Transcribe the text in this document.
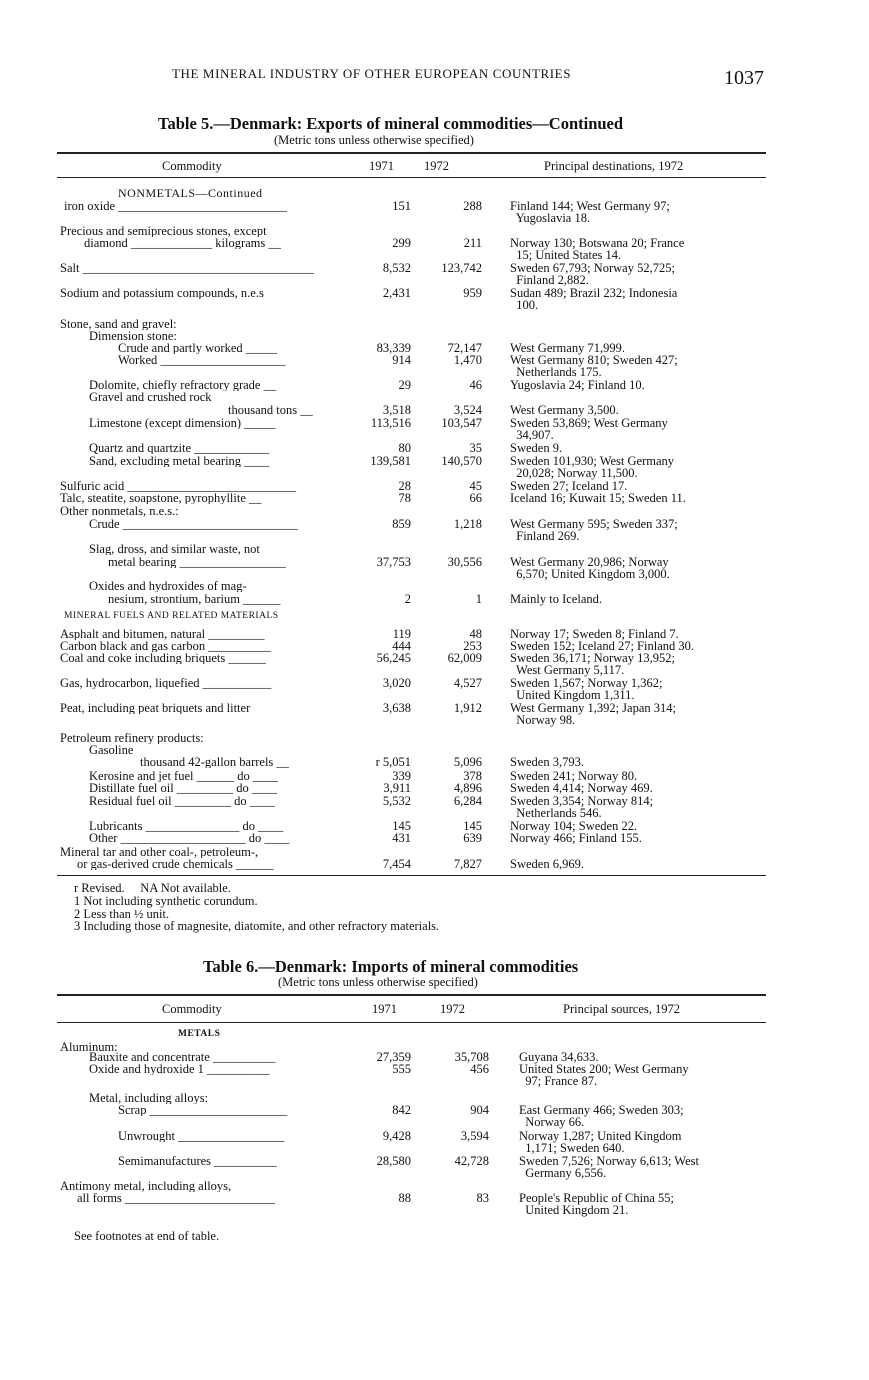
THE MINERAL INDUSTRY OF OTHER EUROPEAN COUNTRIES	1037
Table 5.—Denmark: Exports of mineral commodities—Continued
(Metric tons unless otherwise specified)
Commodity	1971 1972	Principal destinations, 1972
NONMETALS—Continued
MINERAL FUELS AND RELATED MATERIALS
iron oxide ___________________________	151	288 Finland 144; West Germany 97;
Yugoslavia 18.
Precious and semiprecious stones, except
diamond _____________ kilograms __	299	211 Norway 130; Botswana 20; France
15; United States 14.
Salt _____________________________________	8,532	123,742 Sweden 67,793; Norway 52,725;
Finland 2,882.
Sodium and potassium compounds, n.e.s	2,431	959 Sudan 489; Brazil 232; Indonesia
100.
Stone, sand and gravel:
Dimension stone:
Crude and partly worked _____	83,339	72,147 West Germany 71,999.
Worked ____________________	914	1,470 West Germany 810; Sweden 427;
Netherlands 175.
Dolomite, chiefly refractory grade __	29	46 Yugoslavia 24; Finland 10.
Gravel and crushed rock
thousand tons __	3,518	3,524 West Germany 3,500.
Limestone (except dimension) _____	113,516	103,547 Sweden 53,869; West Germany
34,907.
Quartz and quartzite ____________	80	35 Sweden 9.
Sand, excluding metal bearing ____	139,581	140,570 Sweden 101,930; West Germany
20,028; Norway 11,500.
Sulfuric acid ___________________________	28	45 Sweden 27; Iceland 17.
Talc, steatite, soapstone, pyrophyllite __	78	66 Iceland 16; Kuwait 15; Sweden 11.
Other nonmetals, n.e.s.:
Crude ____________________________	859	1,218 West Germany 595; Sweden 337;
Finland 269.
Slag, dross, and similar waste, not
metal bearing _________________	37,753	30,556 West Germany 20,986; Norway
6,570; United Kingdom 3,000.
Oxides and hydroxides of mag-
nesium, strontium, barium ______	2	1 Mainly to Iceland.
Asphalt and bitumen, natural _________	119	48 Norway 17; Sweden 8; Finland 7.
Carbon black and gas carbon __________	444	253 Sweden 152; Iceland 27; Finland 30.
Coal and coke including briquets ______	56,245	62,009 Sweden 36,171; Norway 13,952;
West Germany 5,117.
Gas, hydrocarbon, liquefied ___________	3,020	4,527 Sweden 1,567; Norway 1,362;
United Kingdom 1,311.
Peat, including peat briquets and litter	3,638	1,912 West Germany 1,392; Japan 314;
Norway 98.
Petroleum refinery products:
Gasoline
thousand 42-gallon barrels __	r 5,051	5,096 Sweden 3,793.
Kerosine and jet fuel ______ do ____	339	378 Sweden 241; Norway 80.
Distillate fuel oil _________ do ____	3,911	4,896 Sweden 4,414; Norway 469.
Residual fuel oil _________ do ____	5,532	6,284 Sweden 3,354; Norway 814;
Netherlands 546.
Lubricants _______________ do ____	145	145 Norway 104; Sweden 22.
Other ____________________ do ____	431	639 Norway 466; Finland 155.
Mineral tar and other coal-, petroleum-,
or gas-derived crude chemicals ______	7,454	7,827 Sweden 6,969.
r Revised.     NA Not available.
1 Not including synthetic corundum.
2 Less than ½ unit.
3 Including those of magnesite, diatomite, and other refractory materials.
Table 6.—Denmark: Imports of mineral commodities
(Metric tons unless otherwise specified)
Commodity	1971	1972	Principal sources, 1972
METALS
Aluminum:
Bauxite and concentrate __________	27,359	35,708 Guyana 34,633.
Oxide and hydroxide 1 __________	555	456 United States 200; West Germany
97; France 87.
Metal, including alloys:
Scrap ______________________	842	904 East Germany 466; Sweden 303;
Norway 66.
Unwrought _________________	9,428	3,594 Norway 1,287; United Kingdom
1,171; Sweden 640.
Semimanufactures __________	28,580	42,728 Sweden 7,526; Norway 6,613; West
Germany 6,556.
Antimony metal, including alloys,
all forms ________________________	88	83 People's Republic of China 55;
United Kingdom 21.
See footnotes at end of table.
